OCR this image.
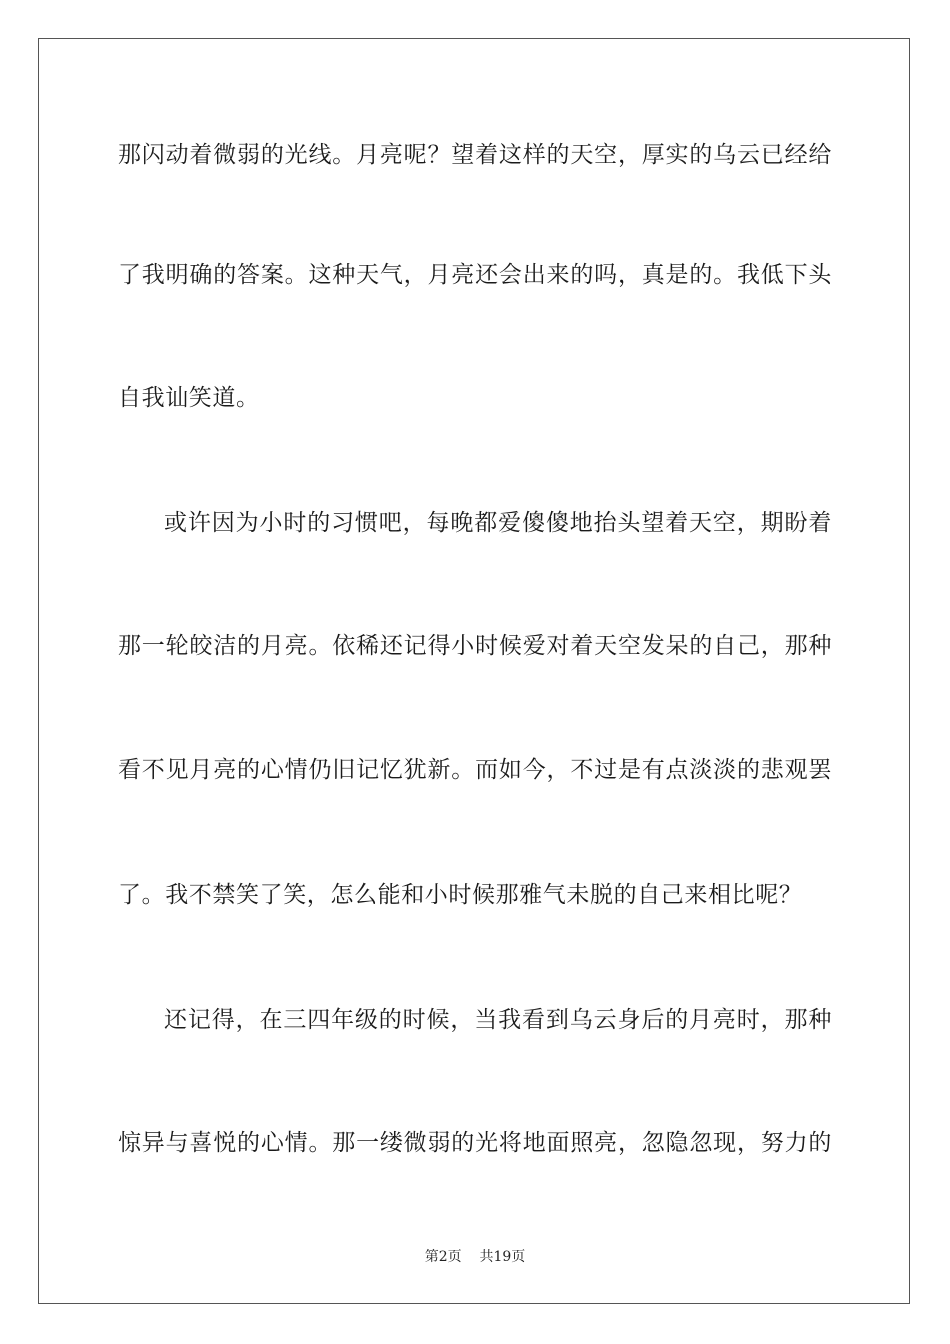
那闪动着微弱的光线。月亮呢？望着这样的天空，厚实的乌云已经给
了我明确的答案。这种天气，月亮还会出来的吗，真是的。我低下头
自我讪笑道。
或许因为小时的习惯吧，每晚都爱傻傻地抬头望着天空，期盼着
那一轮皎洁的月亮。依稀还记得小时候爱对着天空发呆的自己，那种
看不见月亮的心情仍旧记忆犹新。而如今，不过是有点淡淡的悲观罢
了。我不禁笑了笑，怎么能和小时候那雅气未脱的自己来相比呢？
还记得，在三四年级的时候，当我看到乌云身后的月亮时，那种
惊异与喜悦的心情。那一缕微弱的光将地面照亮，忽隐忽现，努力的
第2页 共19页
